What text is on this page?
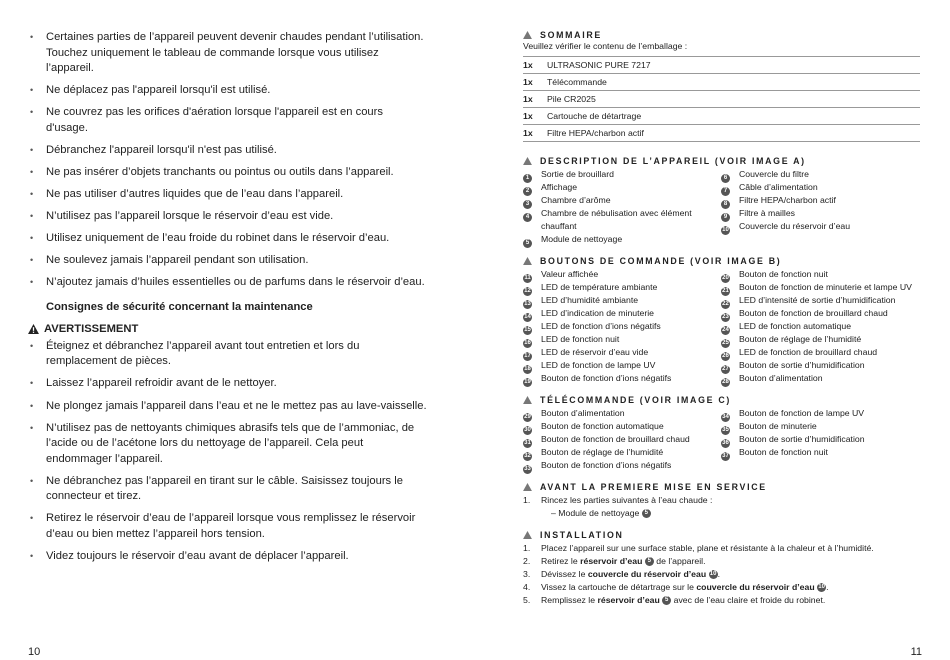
• Certaines parties de l’appareil peuvent devenir chaudes pendant l’utilisation. Touchez uniquement le tableau de commande lorsque vous utilisez l’appareil.
• Ne déplacez pas l'appareil lorsqu'il est utilisé.
• Ne couvrez pas les orifices d'aération lorsque l'appareil est en cours d'usage.
• Débranchez l'appareil lorsqu'il n'est pas utilisé.
• Ne pas insérer d’objets tranchants ou pointus ou outils dans l’appareil.
• Ne pas utiliser d’autres liquides que de l’eau dans l’appareil.
• N’utilisez pas l’appareil lorsque le réservoir d’eau est vide.
• Utilisez uniquement de l’eau froide du robinet dans le réservoir d’eau.
• Ne soulevez jamais l’appareil pendant son utilisation.
• N’ajoutez jamais d’huiles essentielles ou de parfums dans le réservoir d’eau.
Consignes de sécurité concernant la maintenance
AVERTISSEMENT
• Éteignez et débranchez l’appareil avant tout entretien et lors du remplacement de pièces.
• Laissez l’appareil refroidir avant de le nettoyer.
• Ne plongez jamais l’appareil dans l’eau et ne le mettez pas au lave-vaisselle.
• N’utilisez pas de nettoyants chimiques abrasifs tels que de l’ammoniac, de l’acide ou de l’acétone lors du nettoyage de l’appareil. Cela peut endommager l’appareil.
• Ne débranchez pas l’appareil en tirant sur le câble. Saisissez toujours le connecteur et tirez.
• Retirez le réservoir d’eau de l’appareil lorsque vous remplissez le réservoir d’eau ou bien mettez l’appareil hors tension.
• Videz toujours le réservoir d’eau avant de déplacer l’appareil.
10
SOMMAIRE
Veuillez vérifier le contenu de l’emballage :
1x	ULTRASONIC PURE 7217
1x	Télécommande
1x	Pile CR2025
1x	Cartouche de détartrage
1x	Filtre HEPA/charbon actif
DESCRIPTION DE L’APPAREIL (VOIR IMAGE A)
1	Sortie de brouillard
2	Affichage
3	Chambre d’arôme
4	Chambre de nébulisation avec élément chauffant
5	Module de nettoyage
6	Couvercle du filtre
7	Câble d’alimentation
8	Filtre HEPA/charbon actif
9	Filtre à mailles
10	Couvercle du réservoir d’eau
BOUTONS DE COMMANDE (VOIR IMAGE B)
11	Valeur affichée
12	LED de température ambiante
13	LED d’humidité ambiante
14	LED d’indication de minuterie
15	LED de fonction d’ions négatifs
16	LED de fonction nuit
17	LED de réservoir d’eau vide
18	LED de fonction de lampe UV
19	Bouton de fonction d’ions négatifs
20	Bouton de fonction nuit
21	Bouton de fonction de minuterie et lampe UV
22	LED d’intensité de sortie d’humidification
23	Bouton de fonction de brouillard chaud
24	LED de fonction automatique
25	Bouton de réglage de l’humidité
26	LED de fonction de brouillard chaud
27	Bouton de sortie d’humidification
28	Bouton d’alimentation
TÉLÉCOMMANDE (VOIR IMAGE C)
29	Bouton d’alimentation
30	Bouton de fonction automatique
31	Bouton de fonction de brouillard chaud
32	Bouton de réglage de l’humidité
33	Bouton de fonction d’ions négatifs
34	Bouton de fonction de lampe UV
35	Bouton de minuterie
36	Bouton de sortie d’humidification
37	Bouton de fonction nuit
AVANT LA PREMIERE MISE EN SERVICE
1.	Rincez les parties suivantes à l’eau chaude :
– Module de nettoyage 5
INSTALLATION
1.	Placez l’appareil sur une surface stable, plane et résistante à la chaleur et à l’humidité.
2.	Retirez le réservoir d’eau 5 de l’appareil.
3.	Dévissez le couvercle du réservoir d’eau 10.
4.	Vissez la cartouche de détartrage sur le couvercle du réservoir d’eau 10.
5.	Remplissez le réservoir d’eau 5 avec de l’eau claire et froide du robinet.
11
